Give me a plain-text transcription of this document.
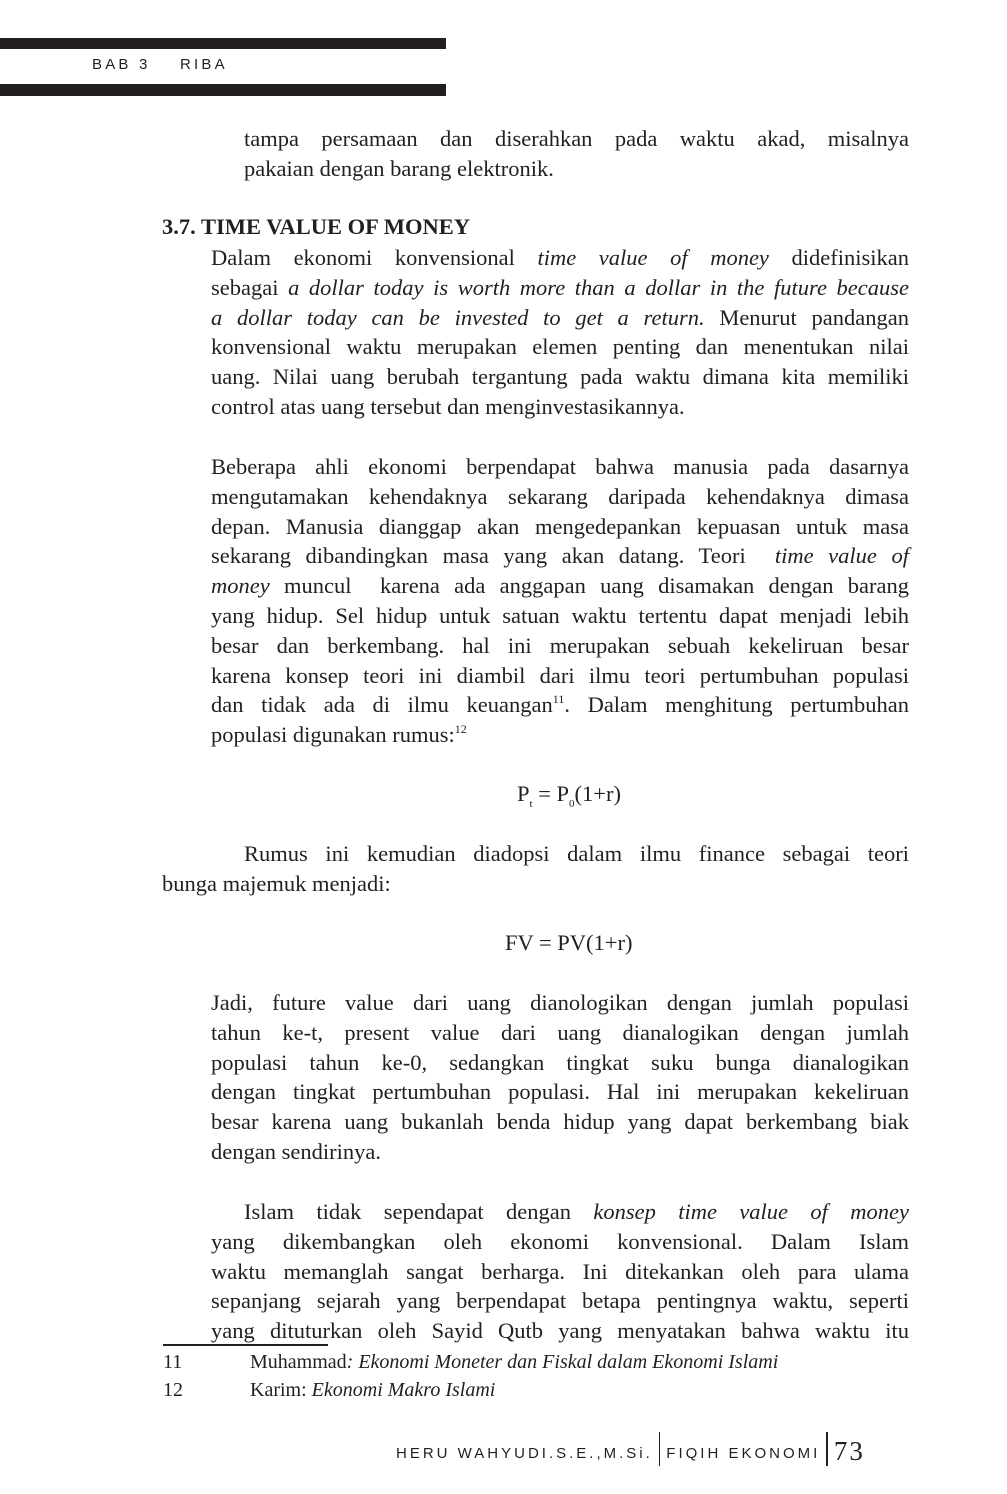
BAB 3    RIBA
tampa persamaan dan diserahkan pada waktu akad, misalnya
pakaian dengan barang elektronik.
3.7. TIME VALUE OF MONEY
Dalam ekonomi konvensional time value of money didefinisikan
sebagai a dollar today is worth more than a dollar in the future because
a dollar today can be invested to get a return. Menurut pandangan
konvensional waktu merupakan elemen penting dan menentukan nilai
uang. Nilai uang berubah tergantung pada waktu dimana kita memiliki
control atas uang tersebut dan menginvestasikannya.
Beberapa ahli ekonomi berpendapat bahwa manusia pada dasarnya
mengutamakan kehendaknya sekarang daripada kehendaknya dimasa
depan. Manusia dianggap akan mengedepankan kepuasan untuk masa
sekarang dibandingkan masa yang akan datang. Teori  time value of
money muncul  karena ada anggapan uang disamakan dengan barang
yang hidup. Sel hidup untuk satuan waktu tertentu dapat menjadi lebih
besar dan berkembang. hal ini merupakan sebuah kekeliruan besar
karena konsep teori ini diambil dari ilmu teori pertumbuhan populasi
dan tidak ada di ilmu keuangan$^{11}$. Dalam menghitung pertumbuhan
populasi digunakan rumus:$^{12}$
$P_t = P_0(1+r)$
Rumus ini kemudian diadopsi dalam ilmu finance sebagai teori
bunga majemuk menjadi:
FV = PV(1+r)
Jadi, future value dari uang dianologikan dengan jumlah populasi
tahun ke-t, present value dari uang dianalogikan dengan jumlah
populasi tahun ke-0, sedangkan tingkat suku bunga dianalogikan
dengan tingkat pertumbuhan populasi. Hal ini merupakan kekeliruan
besar karena uang bukanlah benda hidup yang dapat berkembang biak
dengan sendirinya.
Islam tidak sependapat dengan konsep time value of money
yang dikembangkan oleh ekonomi konvensional. Dalam Islam
waktu memanglah sangat berharga. Ini ditekankan oleh para ulama
sepanjang sejarah yang berpendapat betapa pentingnya waktu, seperti
yang dituturkan oleh Sayid Qutb yang menyatakan bahwa waktu itu
11	Muhammad: Ekonomi Moneter dan Fiskal dalam Ekonomi Islami
12	Karim: Ekonomi Makro Islami
HERU WAHYUDI.S.E.,M.Si. FIQIH EKONOMI 73
